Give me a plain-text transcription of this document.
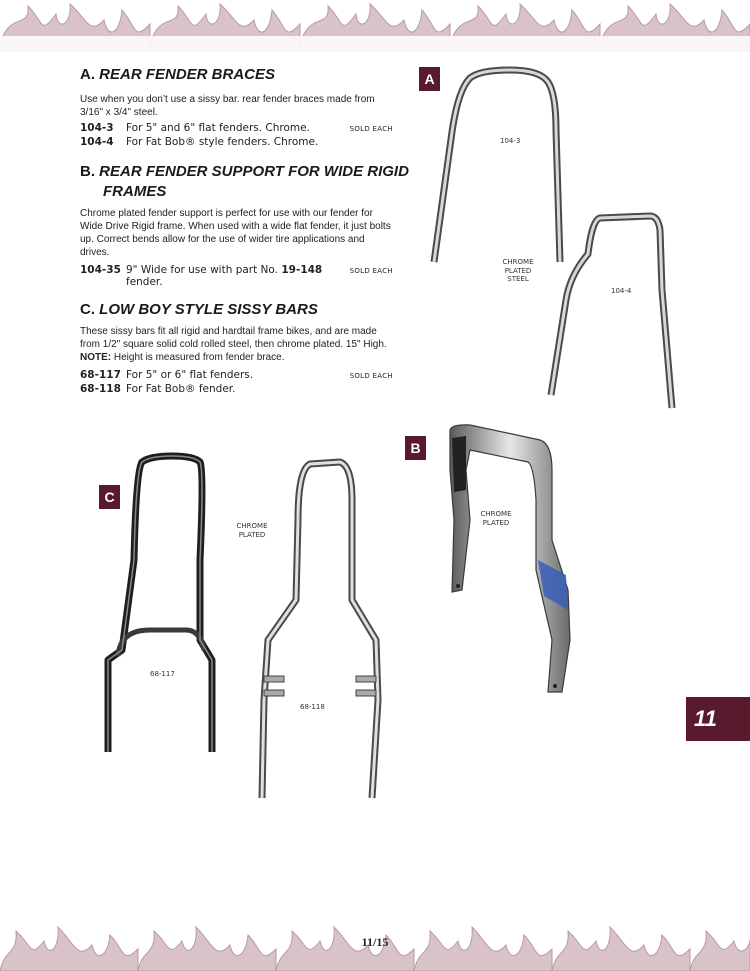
A. REAR FENDER BRACES
Use when you don’t use a sissy bar. rear fender braces made from 3/16" x 3/4" steel.
104-3 For 5" and 6" flat fenders. Chrome.	SOLD EACH
104-4 For Fat Bob® style fenders. Chrome.
B. REAR FENDER SUPPORT FOR WIDE RIGID
FRAMES
Chrome plated fender support is perfect for use with our fender for Wide Drive Rigid frame. When used with a wide flat fender, it just bolts up. Correct bends allow for the use of wider tire applications and drives.
104-35 9" Wide for use with part No. 19-148
fender.
SOLD EACH
C. LOW BOY STYLE SISSY BARS
These sissy bars fit all rigid and hardtail frame bikes, and are made from 1/2" square solid cold rolled steel, then chrome plated. 15" High. NOTE: Height is measured from fender brace.
68-117 For 5" or 6" flat fenders.	SOLD EACH
68-118 For Fat Bob® fender.
A
B
C
104-3
104-4
68-117
68-118
CHROME
PLATED
STEEL
CHROME
PLATED
CHROME
PLATED
11
11/15
